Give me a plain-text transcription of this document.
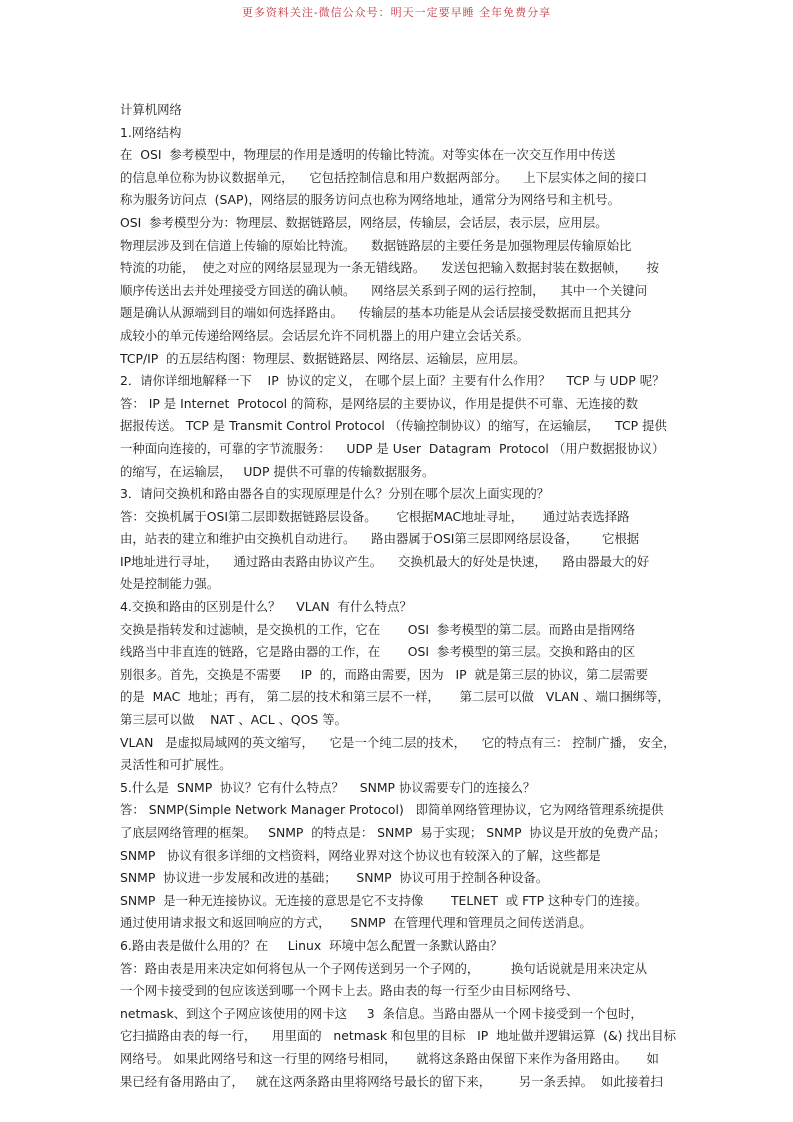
更多资料关注-微信公众号：明天一定要早睡 全年免费分享
计算机网络
1.网络结构
在  OSI  参考模型中，物理层的作用是透明的传输比特流。对等实体在一次交互作用中传送
的信息单位称为协议数据单元，    它包括控制信息和用户数据两部分。    上下层实体之间的接口
称为服务访问点  (SAP)，网络层的服务访问点也称为网络地址，通常分为网络号和主机号。
OSI  参考模型分为：物理层、数据链路层，网络层，传输层，会话层，表示层，应用层。
物理层涉及到在信道上传输的原始比特流。    数据链路层的主要任务是加强物理层传输原始比
特流的功能，  使之对应的网络层显现为一条无错线路。    发送包把输入数据封装在数据帧，     按
顺序传送出去并处理接受方回送的确认帧。    网络层关系到子网的运行控制，    其中一个关键问
题是确认从源端到目的端如何选择路由。    传输层的基本功能是从会话层接受数据而且把其分
成较小的单元传递给网络层。会话层允许不同机器上的用户建立会话关系。
TCP/IP  的五层结构图：物理层、数据链路层、网络层、运输层，应用层。
2．请你详细地解释一下    IP  协议的定义， 在哪个层上面？主要有什么作用？    TCP 与 UDP 呢？
答： IP 是 Internet  Protocol 的简称，是网络层的主要协议，作用是提供不可靠、无连接的数
据报传送。 TCP 是 Transmit Control Protocol （传输控制协议）的缩写，在运输层，    TCP 提供
一种面向连接的，可靠的字节流服务：    UDP 是 User  Datagram  Protocol （用户数据报协议）
的缩写，在运输层，   UDP 提供不可靠的传输数据服务。
3．请问交换机和路由器各自的实现原理是什么？分别在哪个层次上面实现的？
答：交换机属于OSI第二层即数据链路层设备。     它根据MAC地址寻址，     通过站表选择路
由，站表的建立和维护由交换机自动进行。    路由器属于OSI第三层即网络层设备，      它根据
IP地址进行寻址，    通过路由表路由协议产生。    交换机最大的好处是快速，    路由器最大的好
处是控制能力强。
4.交换和路由的区别是什么？    VLAN  有什么特点？
交换是指转发和过滤帧，是交换机的工作，它在       OSI  参考模型的第二层。而路由是指网络
线路当中非直连的链路，它是路由器的工作，在       OSI  参考模型的第三层。交换和路由的区
别很多。首先，交换是不需要     IP  的，而路由需要，因为   IP  就是第三层的协议，第二层需要
的是  MAC  地址；再有， 第二层的技术和第三层不一样，     第二层可以做   VLAN 、端口捆绑等，
第三层可以做    NAT 、ACL 、QOS 等。
VLAN   是虚拟局域网的英文缩写，    它是一个纯二层的技术，    它的特点有三： 控制广播， 安全，
灵活性和可扩展性。
5.什么是  SNMP  协议？它有什么特点？    SNMP 协议需要专门的连接么？
答： SNMP(Simple Network Manager Protocol)   即简单网络管理协议，它为网络管理系统提供
了底层网络管理的框架。   SNMP  的特点是： SNMP  易于实现； SNMP  协议是开放的免费产品；
SNMP   协议有很多详细的文档资料，网络业界对这个协议也有较深入的了解，这些都是
SNMP  协议进一步发展和改进的基础；     SNMP  协议可用于控制各种设备。
SNMP  是一种无连接协议。无连接的意思是它不支持像       TELNET  或 FTP 这种专门的连接。
通过使用请求报文和返回响应的方式，     SNMP  在管理代理和管理员之间传送消息。
6.路由表是做什么用的？在     Linux  环境中怎么配置一条默认路由？
答：路由表是用来决定如何将包从一个子网传送到另一个子网的，        换句话说就是用来决定从
一个网卡接受到的包应该送到哪一个网卡上去。路由表的每一行至少由目标网络号、
netmask、到这个子网应该使用的网卡这     3  条信息。当路由器从一个网卡接受到一个包时，
它扫描路由表的每一行，    用里面的   netmask 和包里的目标   IP  地址做并逻辑运算  (&) 找出目标
网络号。 如果此网络号和这一行里的网络号相同，     就将这条路由保留下来作为备用路由。     如
果已经有备用路由了，   就在这两条路由里将网络号最长的留下来，       另一条丢掉。  如此接着扫
